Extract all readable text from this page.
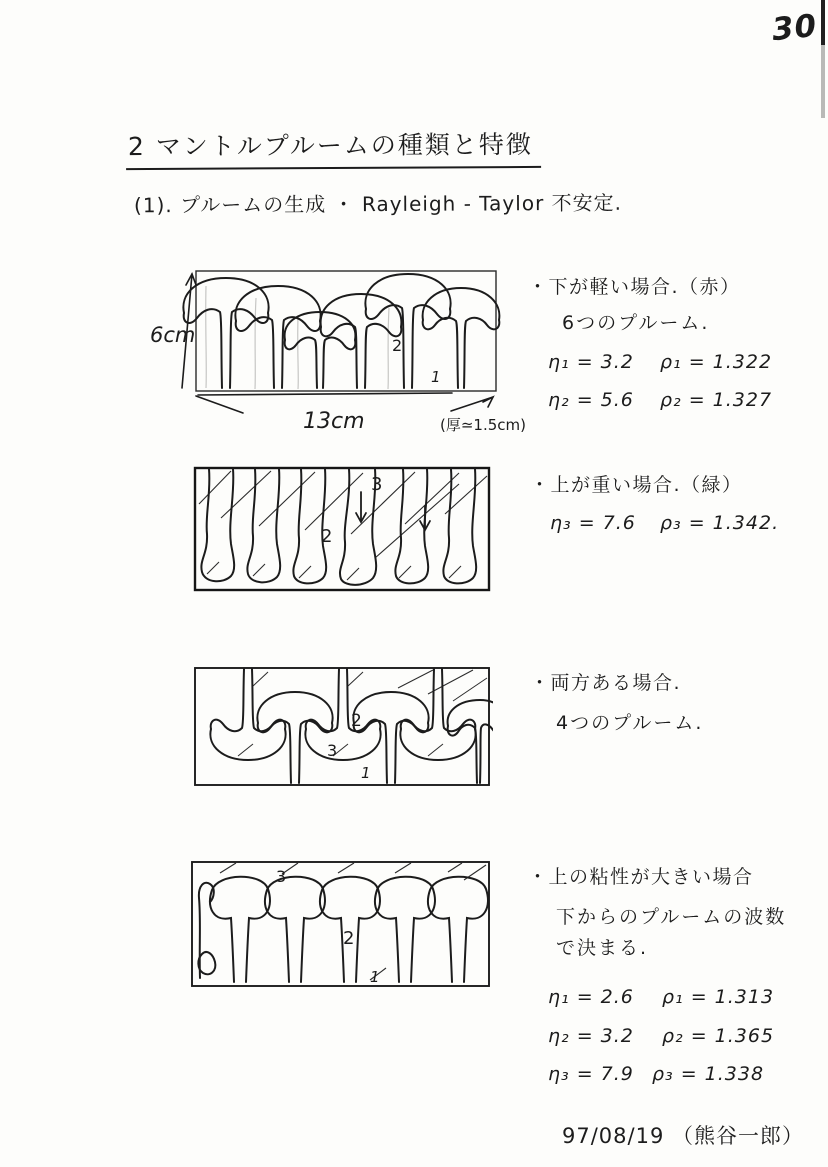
30
2 マントルプルームの種類と特徴
(1). プルームの生成 ・ Rayleigh - Taylor 不安定.
6cm
13cm	(厚≃1.5cm)
2
1
・下が軽い場合.（赤）
6つのプルーム.
η₁ = 3.2 ρ₁ = 1.322
η₂ = 5.6 ρ₂ = 1.327
3
2
・上が重い場合.（緑）
η₃ = 7.6 ρ₃ = 1.342.
2
3
1
・両方ある場合.
4つのプルーム.
3
2
1
・上の粘性が大きい場合
下からのプルームの波数
で決まる.
η₁ = 2.6 ρ₁ = 1.313
η₂ = 3.2 ρ₂ = 1.365
η₃ = 7.9 ρ₃ = 1.338
97/08/19 （熊谷一郎）
